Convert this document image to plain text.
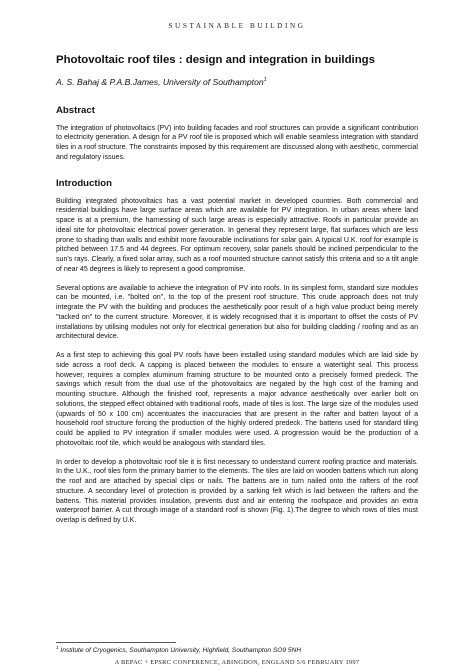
SUSTAINABLE BUILDING
Photovoltaic roof tiles : design and integration in buildings
A. S. Bahaj & P.A.B.James, University of Southampton$^1$
Abstract

The integration of photovoltaics (PV) into building facades and roof structures can provide a significant contribution to electricity generation. A design for a PV roof tile is proposed which will enable seamless integration with standard tiles in a roof structure. The constraints imposed by this requirement are discussed along with aesthetic, commercial and regulatory issues.

Introduction

Building integrated photovoltaics has a vast potential market in developed countries. Both commercial and residential buildings have large surface areas which are available for PV integration. In urban areas where land space is at a premium, the harnessing of such large areas is especially attractive. Roofs in particular provide an ideal site for photovoltaic electrical power generation. In general they represent large, flat surfaces which are less prone to shading than walls and exhibit more favourable inclinations for solar gain. A typical U.K. roof for example is pitched between 17.5 and 44 degrees. For optimum recovery, solar panels should be inclined perpendicular to the sun's rays. Clearly, a fixed solar array, such as a roof mounted structure cannot satisfy this criteria and so a tilt angle of near 45 degrees is likely to represent a good compromise.

Several options are available to achieve the integration of PV into roofs. In its simplest form, standard size modules can be mounted, i.e. "bolted on", to the top of the present roof structure. This crude approach does not truly integrate the PV with the building and produces the aesthetically poor result of a high value product being merely "tacked on" to the current structure. Moreover, it is widely recognised that it is important to offset the costs of PV installations by utilising modules not only for electrical generation but also for building cladding / roofing and as an architectural device.

As a first step to achieving this goal PV roofs have been installed using standard modules which are laid side by side across a roof deck. A capping is placed between the modules to ensure a watertight seal. This process however, requires a complex aluminum framing structure to be mounted onto a precisely formed predeck. The savings which result from the dual use of the photovoltaics are negated by the high cost of the framing and mounting structure. Although the finished roof, represents a major advance aesthetically over earlier bolt on solutions, the stepped effect obtained with traditional roofs, made of tiles is lost. The large size of the modules used (upwards of 50 x 100 cm) accentuates the inaccuracies that are present in the rafter and batten layout of a household roof structure forcing the production of the highly ordered predeck. The battens used for standard tiling could be applied to PV integration if smaller modules were used. A progression would be the production of a photovoltaic roof tile, which would be analogous with standard tiles.

In order to develop a photovoltaic roof tile it is first necessary to understand current roofing practice and materials. In the U.K., roof tiles form the primary barrier to the elements. The tiles are laid on wooden battens which run along the roof and are attached by special clips or nails. The battens are in turn nailed onto the rafters of the roof structure. A secondary level of protection is provided by a sarking felt which is laid between the rafters and the battens. This material provides insulation, prevents dust and air entering the roofspace and provides an extra waterproof barrier. A cut through image of a standard roof is shown (Fig. 1).The degree to which rows of tiles must overlap is defined by U.K.

$^1$ Institute of Cryogenics, Southampton University, Highfield, Southampton SO9 5NH
A BEPAC + EPSRC CONFERENCE, ABINGDON, ENGLAND 5/6 FEBRUARY 1997
